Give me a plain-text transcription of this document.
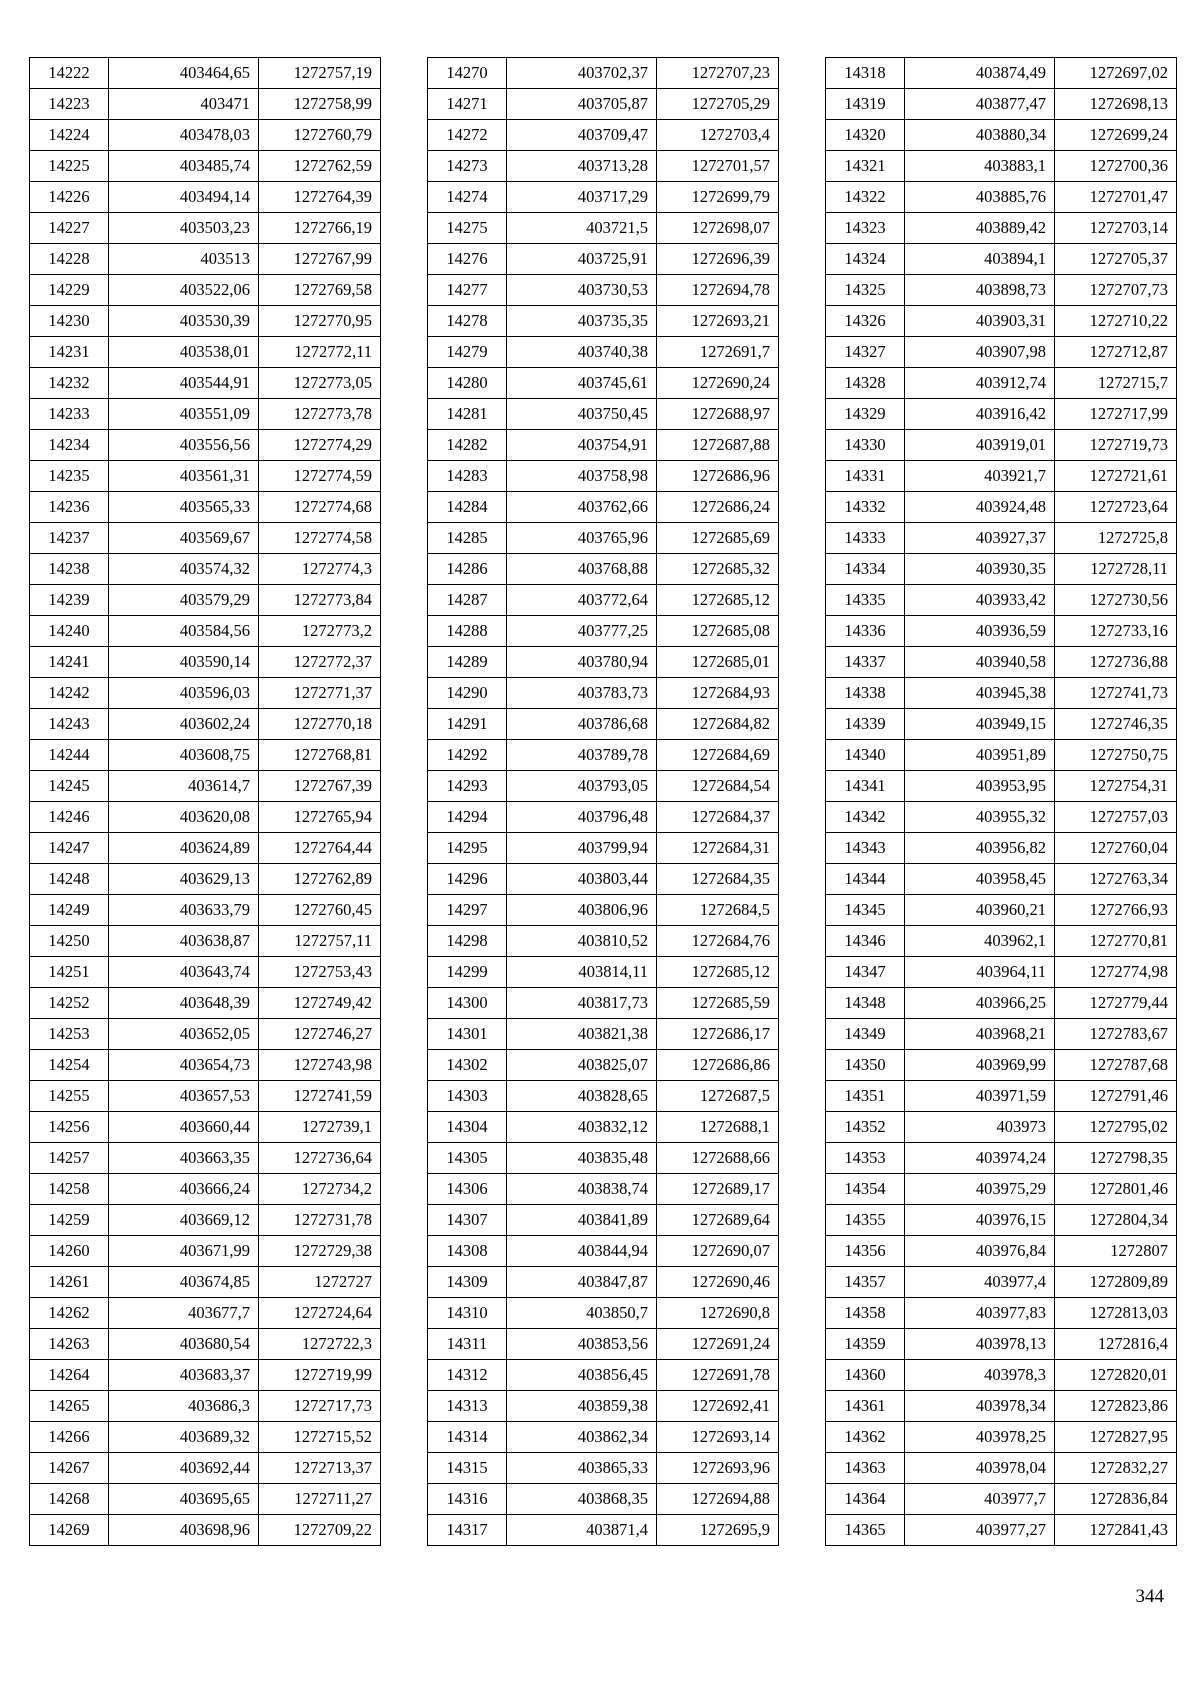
14222	403464,65	1272757,19
14223	403471	1272758,99
14224	403478,03	1272760,79
14225	403485,74	1272762,59
14226	403494,14	1272764,39
14227	403503,23	1272766,19
14228	403513	1272767,99
14229	403522,06	1272769,58
14230	403530,39	1272770,95
14231	403538,01	1272772,11
14232	403544,91	1272773,05
14233	403551,09	1272773,78
14234	403556,56	1272774,29
14235	403561,31	1272774,59
14236	403565,33	1272774,68
14237	403569,67	1272774,58
14238	403574,32	1272774,3
14239	403579,29	1272773,84
14240	403584,56	1272773,2
14241	403590,14	1272772,37
14242	403596,03	1272771,37
14243	403602,24	1272770,18
14244	403608,75	1272768,81
14245	403614,7	1272767,39
14246	403620,08	1272765,94
14247	403624,89	1272764,44
14248	403629,13	1272762,89
14249	403633,79	1272760,45
14250	403638,87	1272757,11
14251	403643,74	1272753,43
14252	403648,39	1272749,42
14253	403652,05	1272746,27
14254	403654,73	1272743,98
14255	403657,53	1272741,59
14256	403660,44	1272739,1
14257	403663,35	1272736,64
14258	403666,24	1272734,2
14259	403669,12	1272731,78
14260	403671,99	1272729,38
14261	403674,85	1272727
14262	403677,7	1272724,64
14263	403680,54	1272722,3
14264	403683,37	1272719,99
14265	403686,3	1272717,73
14266	403689,32	1272715,52
14267	403692,44	1272713,37
14268	403695,65	1272711,27
14269	403698,96	1272709,22
14270	403702,37	1272707,23
14271	403705,87	1272705,29
14272	403709,47	1272703,4
14273	403713,28	1272701,57
14274	403717,29	1272699,79
14275	403721,5	1272698,07
14276	403725,91	1272696,39
14277	403730,53	1272694,78
14278	403735,35	1272693,21
14279	403740,38	1272691,7
14280	403745,61	1272690,24
14281	403750,45	1272688,97
14282	403754,91	1272687,88
14283	403758,98	1272686,96
14284	403762,66	1272686,24
14285	403765,96	1272685,69
14286	403768,88	1272685,32
14287	403772,64	1272685,12
14288	403777,25	1272685,08
14289	403780,94	1272685,01
14290	403783,73	1272684,93
14291	403786,68	1272684,82
14292	403789,78	1272684,69
14293	403793,05	1272684,54
14294	403796,48	1272684,37
14295	403799,94	1272684,31
14296	403803,44	1272684,35
14297	403806,96	1272684,5
14298	403810,52	1272684,76
14299	403814,11	1272685,12
14300	403817,73	1272685,59
14301	403821,38	1272686,17
14302	403825,07	1272686,86
14303	403828,65	1272687,5
14304	403832,12	1272688,1
14305	403835,48	1272688,66
14306	403838,74	1272689,17
14307	403841,89	1272689,64
14308	403844,94	1272690,07
14309	403847,87	1272690,46
14310	403850,7	1272690,8
14311	403853,56	1272691,24
14312	403856,45	1272691,78
14313	403859,38	1272692,41
14314	403862,34	1272693,14
14315	403865,33	1272693,96
14316	403868,35	1272694,88
14317	403871,4	1272695,9
14318	403874,49	1272697,02
14319	403877,47	1272698,13
14320	403880,34	1272699,24
14321	403883,1	1272700,36
14322	403885,76	1272701,47
14323	403889,42	1272703,14
14324	403894,1	1272705,37
14325	403898,73	1272707,73
14326	403903,31	1272710,22
14327	403907,98	1272712,87
14328	403912,74	1272715,7
14329	403916,42	1272717,99
14330	403919,01	1272719,73
14331	403921,7	1272721,61
14332	403924,48	1272723,64
14333	403927,37	1272725,8
14334	403930,35	1272728,11
14335	403933,42	1272730,56
14336	403936,59	1272733,16
14337	403940,58	1272736,88
14338	403945,38	1272741,73
14339	403949,15	1272746,35
14340	403951,89	1272750,75
14341	403953,95	1272754,31
14342	403955,32	1272757,03
14343	403956,82	1272760,04
14344	403958,45	1272763,34
14345	403960,21	1272766,93
14346	403962,1	1272770,81
14347	403964,11	1272774,98
14348	403966,25	1272779,44
14349	403968,21	1272783,67
14350	403969,99	1272787,68
14351	403971,59	1272791,46
14352	403973	1272795,02
14353	403974,24	1272798,35
14354	403975,29	1272801,46
14355	403976,15	1272804,34
14356	403976,84	1272807
14357	403977,4	1272809,89
14358	403977,83	1272813,03
14359	403978,13	1272816,4
14360	403978,3	1272820,01
14361	403978,34	1272823,86
14362	403978,25	1272827,95
14363	403978,04	1272832,27
14364	403977,7	1272836,84
14365	403977,27	1272841,43
344
